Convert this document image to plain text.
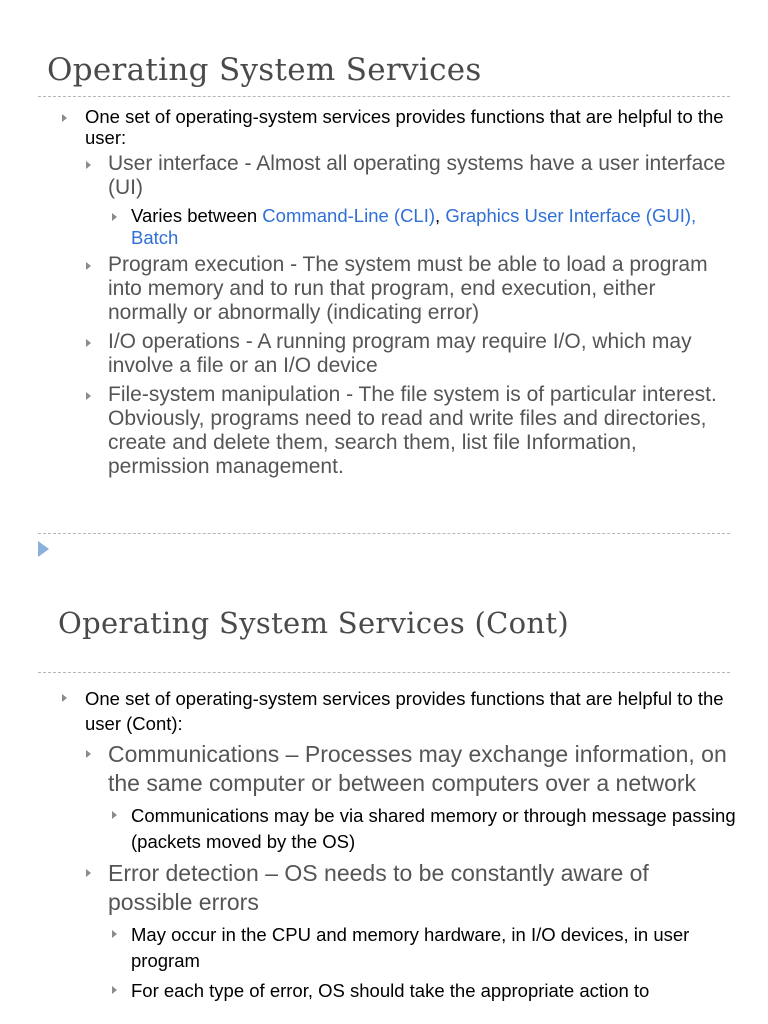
Operating System Services
One set of operating-system services provides functions that are helpful to the user:
User interface - Almost all operating systems have a user interface (UI)
Varies between Command-Line (CLI), Graphics User Interface (GUI), Batch
Program execution - The system must be able to load a program into memory and to run that program, end execution, either normally or abnormally (indicating error)
I/O operations - A running program may require I/O, which may involve a file or an I/O device
File-system manipulation - The file system is of particular interest. Obviously, programs need to read and write files and directories, create and delete them, search them, list file Information, permission management.
Operating System Services (Cont)
One set of operating-system services provides functions that are helpful to the user (Cont):
Communications – Processes may exchange information, on the same computer or between computers over a network
Communications may be via shared memory or through message passing (packets moved by the OS)
Error detection – OS needs to be constantly aware of possible errors
May occur in the CPU and memory hardware, in I/O devices, in user program
For each type of error, OS should take the appropriate action to
